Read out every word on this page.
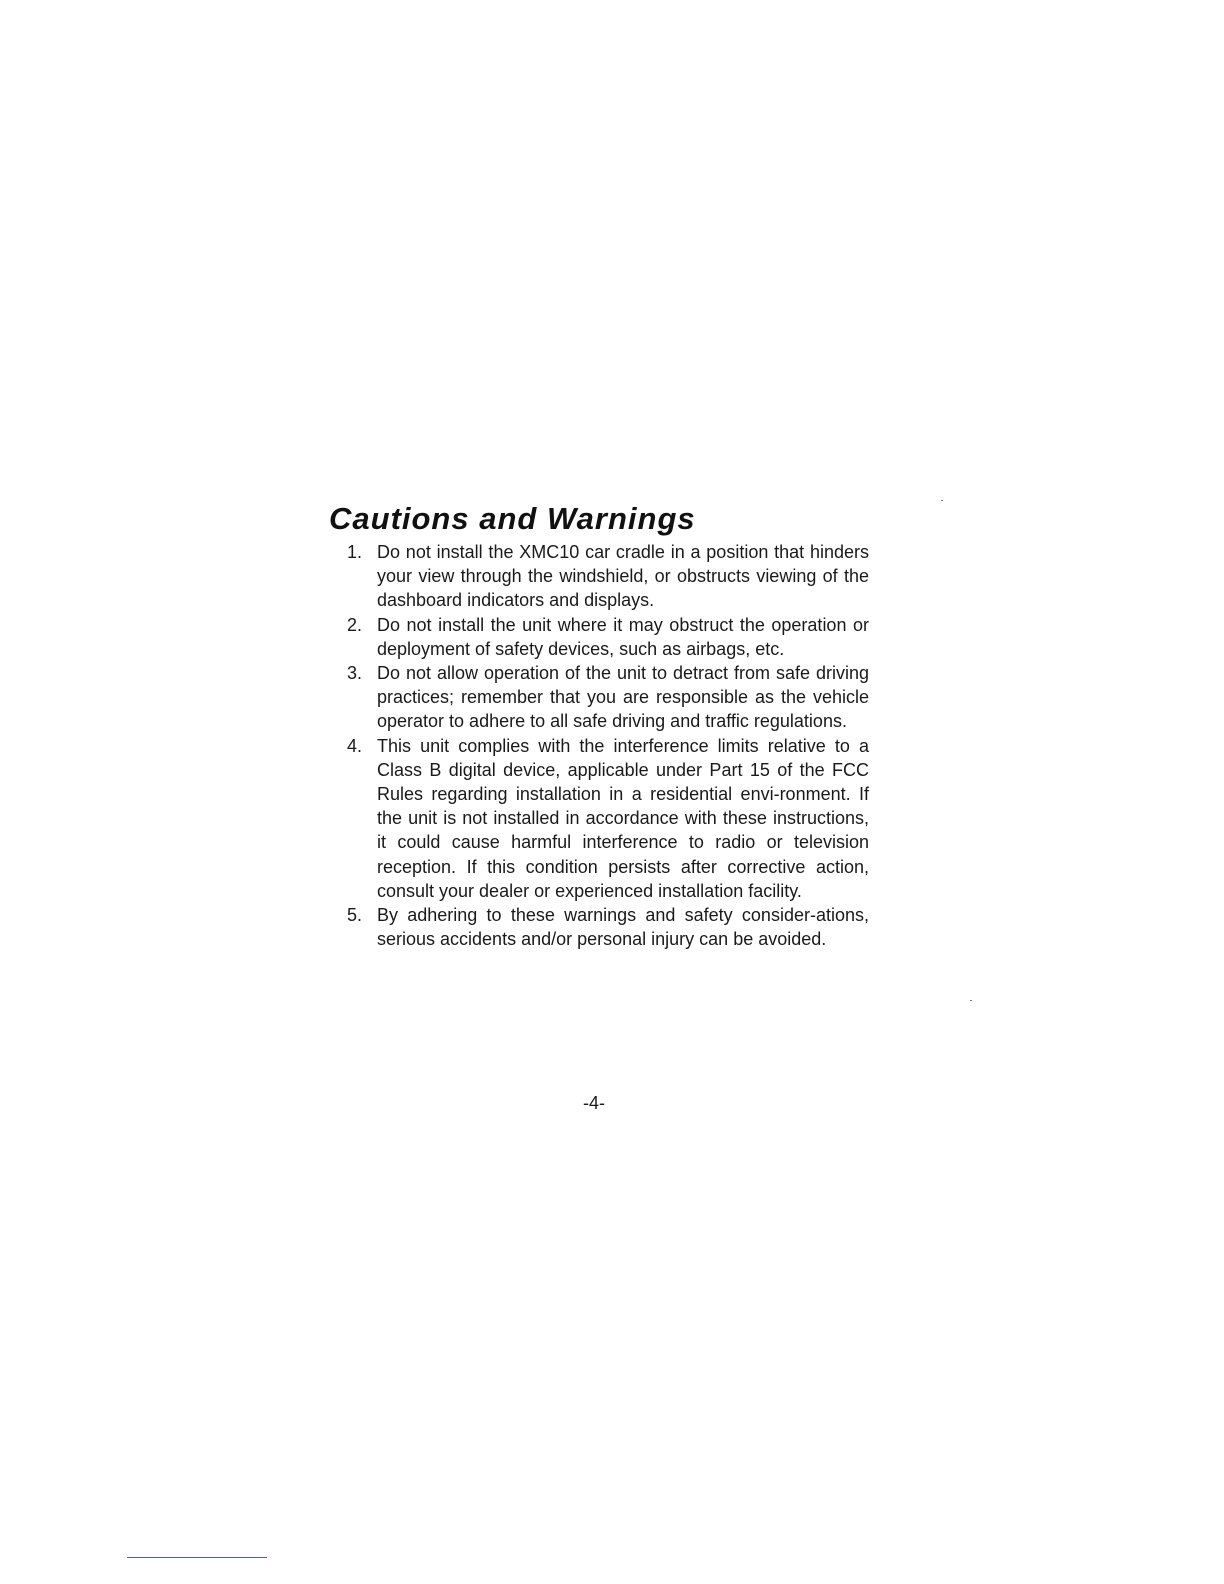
Cautions and Warnings
1. Do not install the XMC10 car cradle in a position that hinders your view through the windshield, or obstructs viewing of the dashboard indicators and displays.
2. Do not install the unit where it may obstruct the operation or deployment of safety devices, such as airbags, etc.
3. Do not allow operation of the unit to detract from safe driving practices; remember that you are responsible as the vehicle operator to adhere to all safe driving and traffic regulations.
4. This unit complies with the interference limits relative to a Class B digital device, applicable under Part 15 of the FCC Rules regarding installation in a residential envi-ronment. If the unit is not installed in accordance with these instructions, it could cause harmful interference to radio or television reception. If this condition persists after corrective action, consult your dealer or experienced installation facility.
5. By adhering to these warnings and safety consider-ations, serious accidents and/or personal injury can be avoided.
-4-
